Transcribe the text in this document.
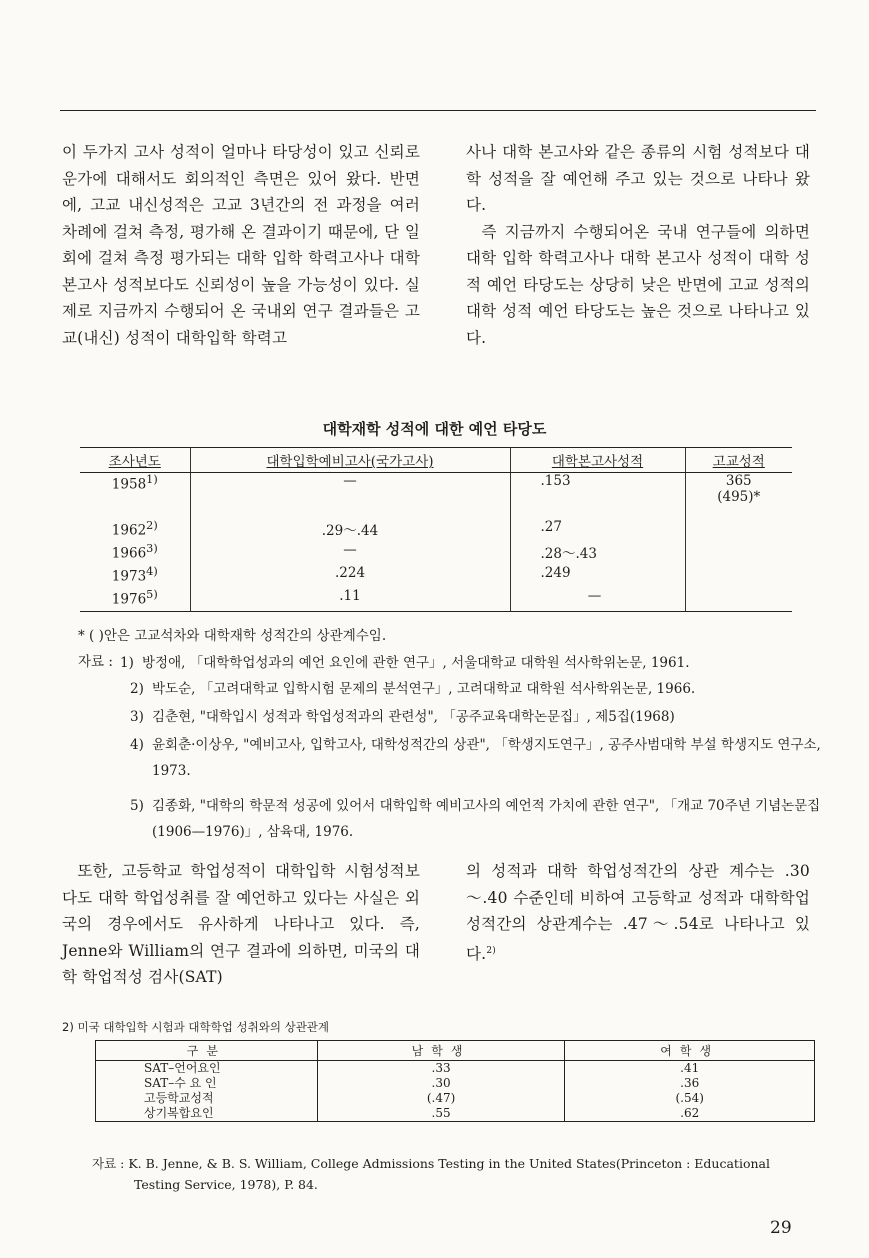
이 두가지 고사 성적이 얼마나 타당성이 있고 신뢰로운가에 대해서도 회의적인 측면은 있어 왔다. 반면에, 고교 내신성적은 고교 3년간의 전 과정을 여러 차례에 걸쳐 측정, 평가해 온 결과이기 때문에, 단 일회에 걸쳐 측정 평가되는 대학 입학 학력고사나 대학 본고사 성적보다도 신뢰성이 높을 가능성이 있다. 실제로 지금까지 수행되어 온 국내외 연구 결과들은 고교(내신) 성적이 대학입학 학력고

사나 대학 본고사와 같은 종류의 시험 성적보다 대학 성적을 잘 예언해 주고 있는 것으로 나타나 왔다.

즉 지금까지 수행되어온 국내 연구들에 의하면 대학 입학 학력고사나 대학 본고사 성적이 대학 성적 예언 타당도는 상당히 낮은 반면에 고교 성적의 대학 성적 예언 타당도는 높은 것으로 나타나고 있다.

대학재학 성적에 대한 예언 타당도
조사년도	대학입학예비고사(국가고사)	대학본고사성적	고교성적
1958$^{1)}$	—	.153	365
(495)*

1962$^{2)}$	.29～.44	.27	
1966$^{3)}$	—	.28～.43	
1973$^{4)}$	.224	.249	
1976$^{5)}$	.11	—	
* ( )안은 고교석차와 대학재학 성적간의 상관계수임.
자료 : 1) 방정애, 「대학학업성과의 예언 요인에 관한 연구」, 서울대학교 대학원 석사학위논문, 1961.
2) 박도순, 「고려대학교 입학시험 문제의 분석연구」, 고려대학교 대학원 석사학위논문, 1966.
3) 김춘현, "대학입시 성적과 학업성적과의 관련성", 「공주교육대학논문집」, 제5집(1968)
4) 윤회춘·이상우, "예비고사, 입학고사, 대학성적간의 상관", 「학생지도연구」, 공주사범대학 부설 학생지도 연구소, 1973.
5) 김종화, "대학의 학문적 성공에 있어서 대학입학 예비고사의 예언적 가치에 관한 연구", 「개교 70주년 기념논문집(1906—1976)」, 삼육대, 1976.

또한, 고등학교 학업성적이 대학입학 시험성적보다도 대학 학업성취를 잘 예언하고 있다는 사실은 외국의 경우에서도 유사하게 나타나고 있다. 즉, Jenne와 William의 연구 결과에 의하면, 미국의 대학 학업적성 검사(SAT)

의 성적과 대학 학업성적간의 상관 계수는 .30～.40 수준인데 비하여 고등학교 성적과 대학학업 성적간의 상관계수는 .47～.54로 나타나고 있다.$^{2)}$

2) 미국 대학입학 시험과 대학학업 성취와의 상관관계
구분	남학생	여학생
SAT–언어요인	.33	.41
SAT–수 요 인	.30	.36
고등학교성적	(.47)	(.54)
상기복합요인	.55	.62
자료 : K. B. Jenne, & B. S. William, College Admissions Testing in the United States(Princeton : Educational
Testing Service, 1978), P. 84.
29
